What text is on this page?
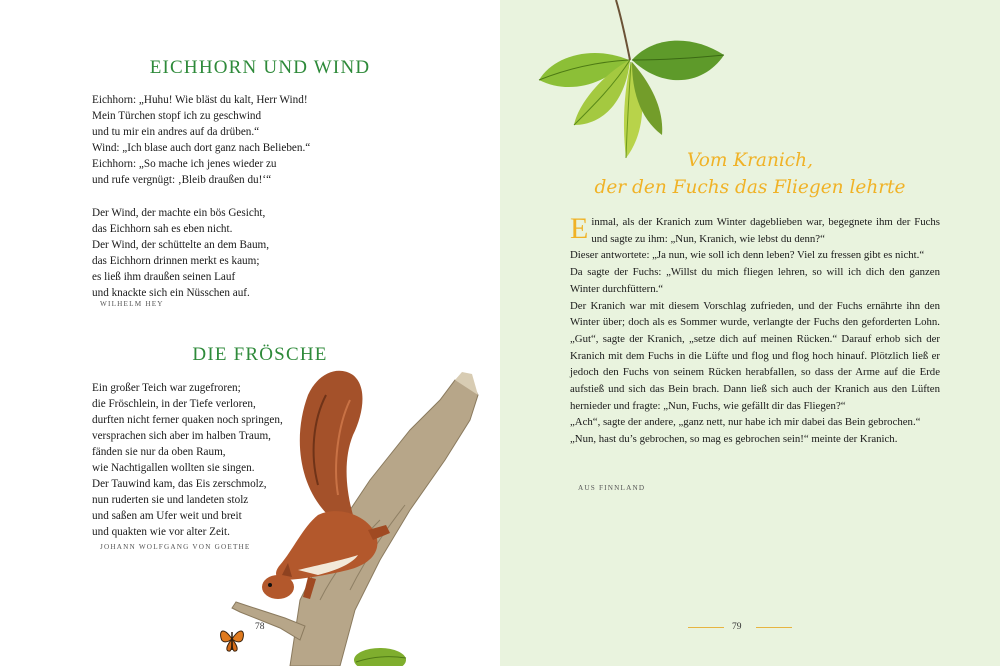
EICHHORN UND WIND
Eichhorn: „Huhu! Wie bläst du kalt, Herr Wind!
Mein Türchen stopf ich zu geschwind
und tu mir ein andres auf da drüben.“
Wind: „Ich blase auch dort ganz nach Belieben.“
Eichhorn: „So mache ich jenes wieder zu
und rufe vergnügt: ‚Bleib draußen du!‘“
Der Wind, der machte ein bös Gesicht,
das Eichhorn sah es eben nicht.
Der Wind, der schüttelte an dem Baum,
das Eichhorn drinnen merkt es kaum;
es ließ ihm draußen seinen Lauf
und knackte sich ein Nüsschen auf.
WILHELM HEY
DIE FRÖSCHE
Ein großer Teich war zugefroren;
die Fröschlein, in der Tiefe verloren,
durften nicht ferner quaken noch springen,
versprachen sich aber im halben Traum,
fänden sie nur da oben Raum,
wie Nachtigallen wollten sie singen.
Der Tauwind kam, das Eis zerschmolz,
nun ruderten sie und landeten stolz
und saßen am Ufer weit und breit
und quakten wie vor alter Zeit.
JOHANN WOLFGANG VON GOETHE
78
Vom Kranich,
der den Fuchs das Fliegen lehrte

Einmal, als der Kranich zum Winter dageblieben war, begegnete ihm der Fuchs und sagte zu ihm: „Nun, Kranich, wie lebst du denn?“

Dieser antwortete: „Ja nun, wie soll ich denn leben? Viel zu fressen gibt es nicht.“

Da sagte der Fuchs: „Willst du mich fliegen lehren, so will ich dich den ganzen Winter durchfüttern.“

Der Kranich war mit diesem Vorschlag zufrieden, und der Fuchs ernährte ihn den Winter über; doch als es Sommer wurde, verlangte der Fuchs den geforderten Lohn. „Gut“, sagte der Kranich, „setze dich auf meinen Rücken.“ Darauf erhob sich der Kranich mit dem Fuchs in die Lüfte und flog und flog hoch hinauf. Plötzlich ließ er jedoch den Fuchs von seinem Rücken herabfallen, so dass der Arme auf die Erde aufstieß und sich das Bein brach. Dann ließ sich auch der Kranich aus den Lüften hernieder und fragte: „Nun, Fuchs, wie gefällt dir das Fliegen?“

„Ach“, sagte der andere, „ganz nett, nur habe ich mir dabei das Bein gebrochen.“

„Nun, hast du’s gebrochen, so mag es gebrochen sein!“ meinte der Kranich.

AUS FINNLAND
79
